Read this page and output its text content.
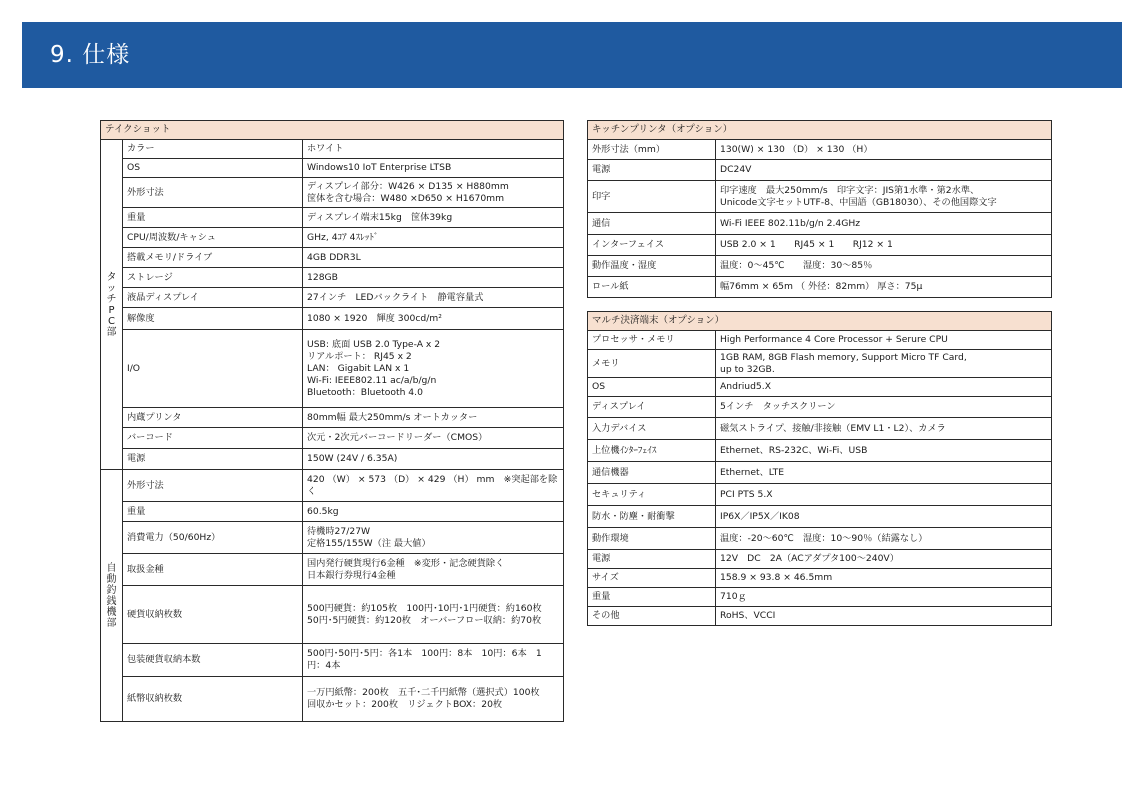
9. 仕様
テイクショット		
タッチPC部	カラー	ホワイト
	OS	Windows10 IoT Enterprise LTSB
	外形寸法	ディスプレイ部分：W426 × D135 × H880mm
筐体を含む場合：W480 ×D650 × H1670mm
	重量	ディスプレイ端末15kg　筐体39kg
	CPU/周波数/キャシュ	GHz, 4ｺｱ 4ｽﾚｯﾄﾞ
	搭載メモリ/ドライブ	4GB DDR3L
	ストレージ	128GB
	液晶ディスプレイ	27インチ　LEDバックライト　静電容量式
	解像度	1080 × 1920　輝度 300cd/m²
	I/O	USB: 底面 USB 2.0 Type-A x 2
リアルポート： RJ45 x 2
LAN： Gigabit LAN x 1
Wi-Fi: IEEE802.11 ac/a/b/g/n
Bluetooth：Bluetooth 4.0
	内蔵プリンタ	80mm幅 最大250mm/s オートカッター
	バーコード	次元・2次元バーコードリーダー（CMOS）
	電源	150W (24V / 6.35A)
自動釣銭機部	外形寸法	420 （W） × 573 （D） × 429 （H） mm　※突起部を除く
	重量	60.5kg
	消費電力（50/60Hz）	待機時27/27W
定格155/155W（注 最大値）
	取扱金種	国内発行硬貨現行6金種　※変形・記念硬貨除く
日本銀行券現行4金種
	硬貨収納枚数	500円硬貨：約105枚　100円･10円･1円硬貨：約160枚
50円･5円硬貨：約120枚　オーバーフロー収納：約70枚
	包装硬貨収納本数	500円･50円･5円：各1本　100円：8本　10円：6本　1円：4本
	紙幣収納枚数	一万円紙幣：200枚　五千･二千円紙幣（選択式）100枚
回収かセット：200枚　リジェクトBOX：20枚
キッチンプリンタ（オプション）	
外形寸法（mm）	130(W) × 130 （D） × 130 （H）
電源	DC24V
印字	印字速度　最大250mm/s　印字文字：JIS第1水準・第2水準、
Unicode文字セットUTF-8、中国語（GB18030）、その他国際文字
通信	Wi-Fi IEEE 802.11b/g/n 2.4GHz
インターフェイス	USB 2.0 × 1　　RJ45 × 1　　RJ12 × 1
動作温度・湿度	温度：0～45℃　　湿度：30～85％
ロール紙	幅76mm × 65m （ 外径：82mm） 厚さ：75μ
マルチ決済端末（オプション）	
プロセッサ・メモリ	High Performance 4 Core Processor + Serure CPU
メモリ	1GB RAM, 8GB Flash memory, Support Micro TF Card,
up to 32GB.
OS	Andriud5.X
ディスプレイ	5インチ　タッチスクリーン
入力デバイス	磁気ストライプ、接触/非接触（EMV L1・L2）、カメラ
上位機ｲﾝﾀｰﾌｪｲｽ	Ethernet、RS-232C、Wi-Fi、USB
通信機器	Ethernet、LTE
セキュリティ	PCI PTS 5.X
防水・防塵・耐衝撃	IP6X／IP5X／IK08
動作環境	温度：-20～60℃　湿度：10～90％（結露なし）
電源	12V　DC　2A（ACアダプタ100～240V）
サイズ	158.9 × 93.8 × 46.5mm
重量	710ｇ
その他	RoHS、VCCI
